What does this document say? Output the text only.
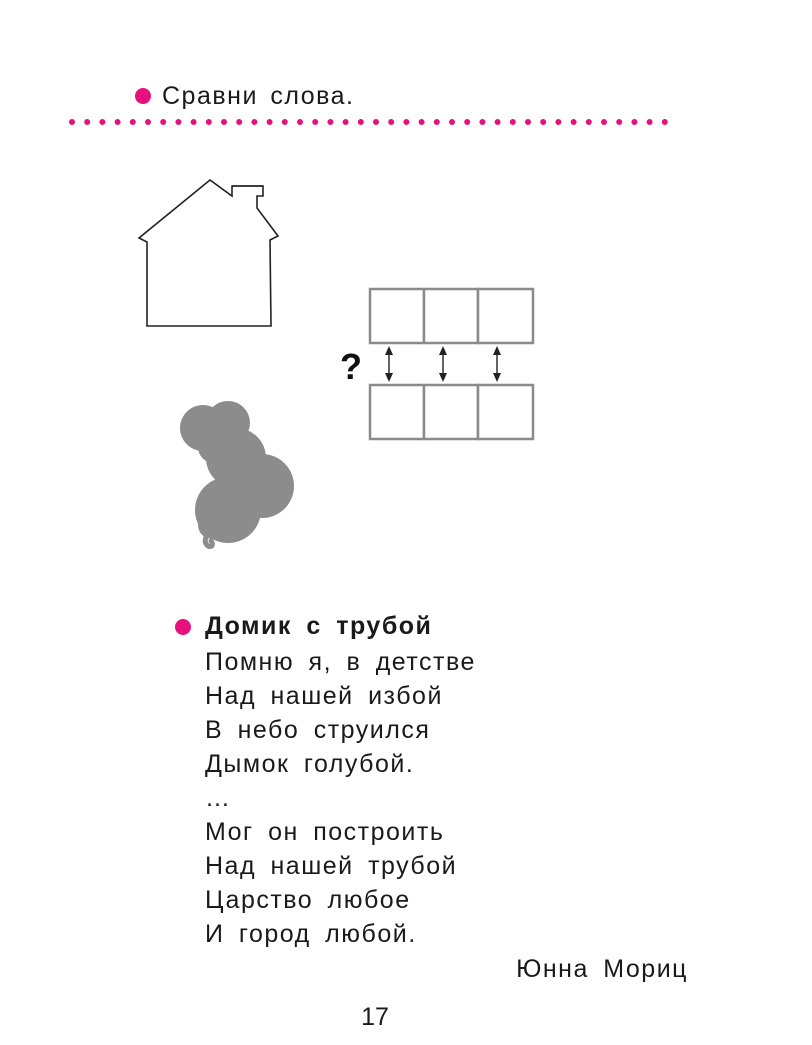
Сравни слова.
?
Домик с трубой
Помню я, в детстве
Над нашей избой
В небо струился
Дымок голубой.
…
Мог он построить
Над нашей трубой
Царство любое
И город любой.
Юнна Мориц
17
